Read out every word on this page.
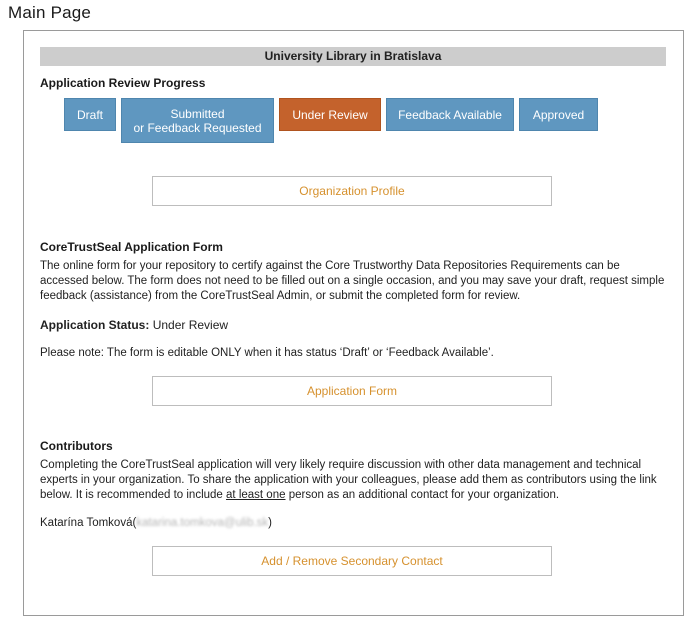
Main Page
University Library in Bratislava
Application Review Progress
Draft	Submitted
or Feedback Requested
Under Review	Feedback Available	Approved
Organization Profile
CoreTrustSeal Application Form
The online form for your repository to certify against the Core Trustworthy Data Repositories Requirements can be accessed below. The form does not need to be filled out on a single occasion, and you may save your draft, request simple feedback (assistance) from the CoreTrustSeal Admin, or submit the completed form for review.
Application Status: Under Review
Please note: The form is editable ONLY when it has status ‘Draft’ or ‘Feedback Available’.
Application Form
Contributors
Completing the CoreTrustSeal application will very likely require discussion with other data management and technical experts in your organization. To share the application with your colleagues, please add them as contributors using the link below. It is recommended to include at least one person as an additional contact for your organization.
Katarína Tomková(katarina.tomkova@ulib.sk)
Add / Remove Secondary Contact
